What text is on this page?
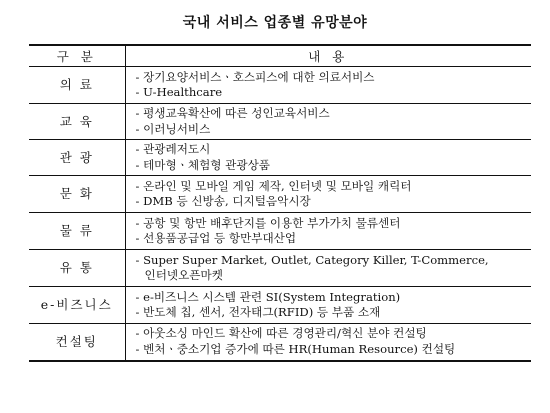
국내 서비스 업종별 유망분야
구 분	내 용
의 료	- 장기요양서비스ㆍ호스피스에 대한 의료서비스
- U-Healthcare

교 육	- 평생교육확산에 따른 성인교육서비스
- 이러닝서비스

관 광	- 관광레저도시
- 테마형ㆍ체험형 관광상품

문 화	- 온라인 및 모바일 게임 제작, 인터넷 및 모바일 캐릭터
- DMB 등 신방송, 디지털음악시장

물 류	- 공항 및 항만 배후단지를 이용한 부가가치 물류센터
- 선용품공급업 등 항만부대산업

유 통	- Super Super Market, Outlet, Category Killer, T-Commerce,
인터넷오픈마켓

e-비즈니스	- e-비즈니스 시스템 관련 SI(System Integration)
- 반도체 칩, 센서, 전자태그(RFID) 등 부품 소재

컨설팅	- 아웃소싱 마인드 확산에 따른 경영관리/혁신 분야 컨설팅
- 벤처ㆍ중소기업 증가에 따른 HR(Human Resource) 컨설팅
